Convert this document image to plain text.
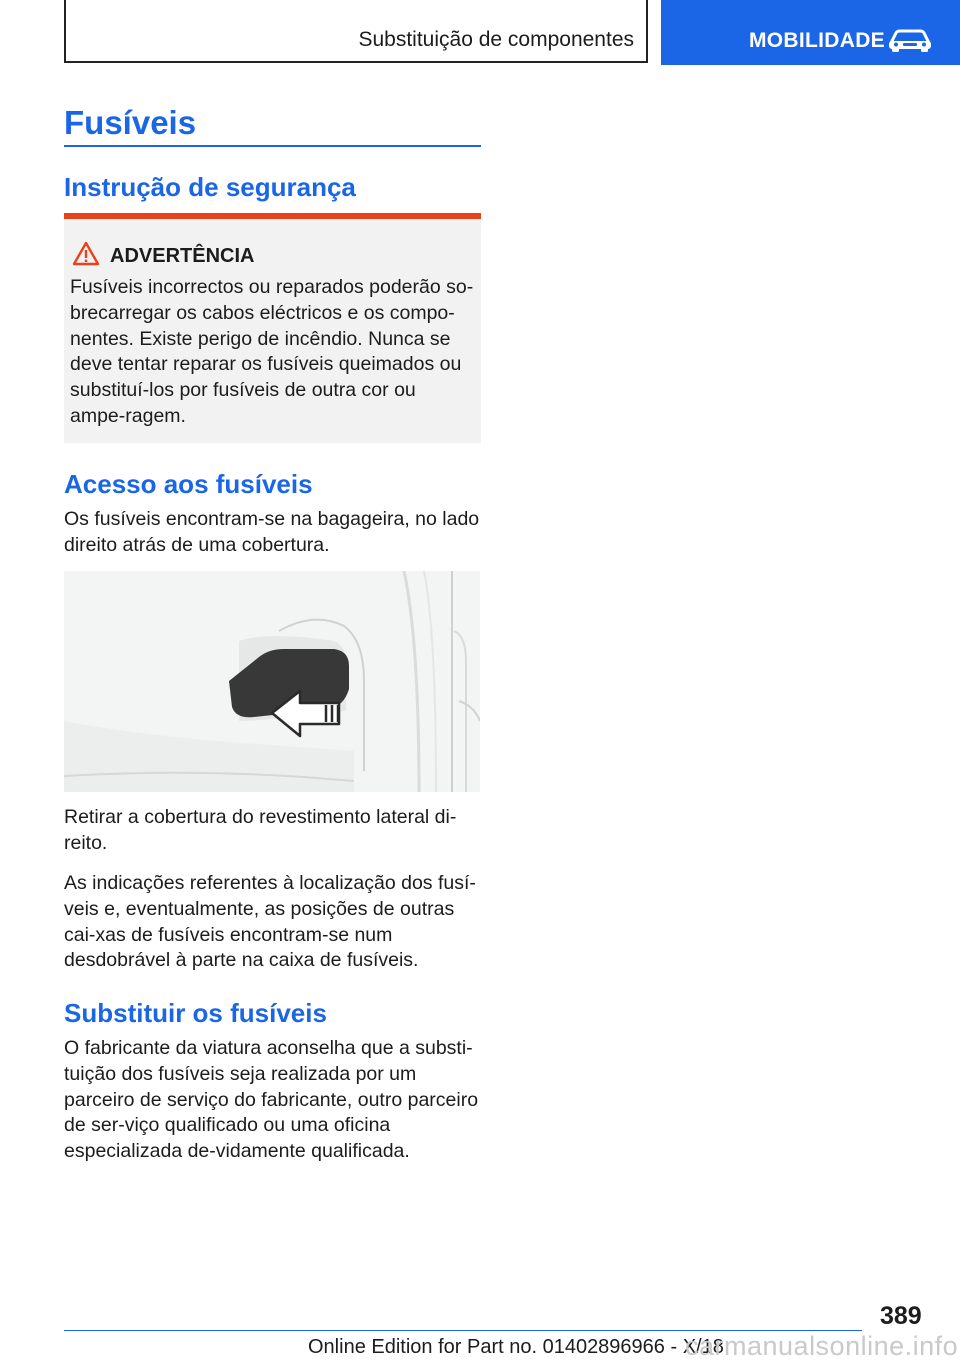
Substituição de componentes	MOBILIDADE
Fusíveis
Instrução de segurança
ADVERTÊNCIA

Fusíveis incorrectos ou reparados poderão so-brecarregar os cabos eléctricos e os compo-nentes. Existe perigo de incêndio. Nunca se deve tentar reparar os fusíveis queimados ou substituí-los por fusíveis de outra cor ou ampe-ragem.

Acesso aos fusíveis

Os fusíveis encontram-se na bagageira, no lado direito atrás de uma cobertura.

Retirar a cobertura do revestimento lateral di-reito.

As indicações referentes à localização dos fusí-veis e, eventualmente, as posições de outras cai-xas de fusíveis encontram-se num desdobrável à parte na caixa de fusíveis.

Substituir os fusíveis

O fabricante da viatura aconselha que a substi-tuição dos fusíveis seja realizada por um parceiro de serviço do fabricante, outro parceiro de ser-viço qualificado ou uma oficina especializada de-vidamente qualificada.

389
Online Edition for Part no. 01402896966 - X/18
carmanualsonline.info
